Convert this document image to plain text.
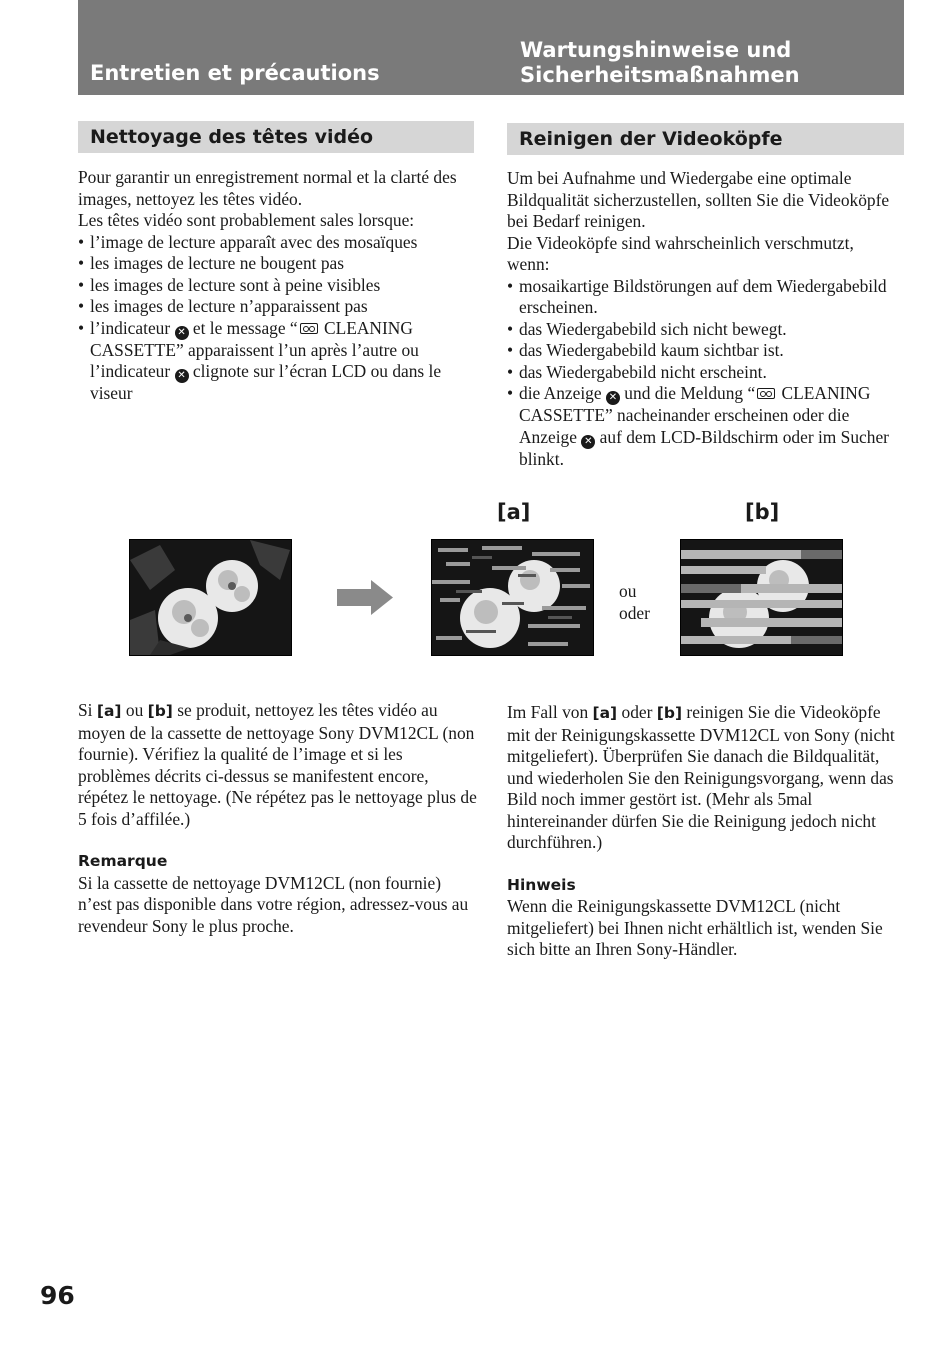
Entretien et précautions
Wartungshinweise und
Sicherheitsmaßnahmen
Nettoyage des têtes vidéo	Reinigen der Videoköpfe

Pour garantir un enregistrement normal et la clarté des images, nettoyez les têtes vidéo.

Les têtes vidéo sont probablement sales lorsque:

• l’image de lecture apparaît avec des mosaïques
• les images de lecture ne bougent pas
• les images de lecture sont à peine visibles
• les images de lecture n’apparaissent pas
• l’indicateur ✕ et le message “ CLEANING CASSETTE” apparaissent l’un après l’autre ou l’indicateur ✕ clignote sur l’écran LCD ou dans le viseur

Um bei Aufnahme und Wiedergabe eine optimale Bildqualität sicherzustellen, sollten Sie die Videoköpfe bei Bedarf reinigen.

Die Videoköpfe sind wahrscheinlich verschmutzt, wenn:

• mosaikartige Bildstörungen auf dem Wiedergabebild erscheinen.
• das Wiedergabebild sich nicht bewegt.
• das Wiedergabebild kaum sichtbar ist.
• das Wiedergabebild nicht erscheint.
• die Anzeige ✕ und die Meldung “ CLEANING CASSETTE” nacheinander erscheinen oder die Anzeige ✕ auf dem LCD-Bildschirm oder im Sucher blinkt.
[a]	[b]
ou
oder

Si [a] ou [b] se produit, nettoyez les têtes vidéo au moyen de la cassette de nettoyage Sony DVM12CL (non fournie). Vérifiez la qualité de l’image et si les problèmes décrits ci-dessus se manifestent encore, répétez le nettoyage. (Ne répétez pas le nettoyage plus de 5 fois d’affilée.)

Remarque

Si la cassette de nettoyage DVM12CL (non fournie) n’est pas disponible dans votre région, adressez-vous au revendeur Sony le plus proche.

Im Fall von [a] oder [b] reinigen Sie die Videoköpfe mit der Reinigungskassette DVM12CL von Sony (nicht mitgeliefert). Überprüfen Sie danach die Bildqualität, und wiederholen Sie den Reinigungsvorgang, wenn das Bild noch immer gestört ist. (Mehr als 5mal hintereinander dürfen Sie die Reinigung jedoch nicht durchführen.)

Hinweis

Wenn die Reinigungskassette DVM12CL (nicht mitgeliefert) bei Ihnen nicht erhältlich ist, wenden Sie sich bitte an Ihren Sony-Händler.

96
